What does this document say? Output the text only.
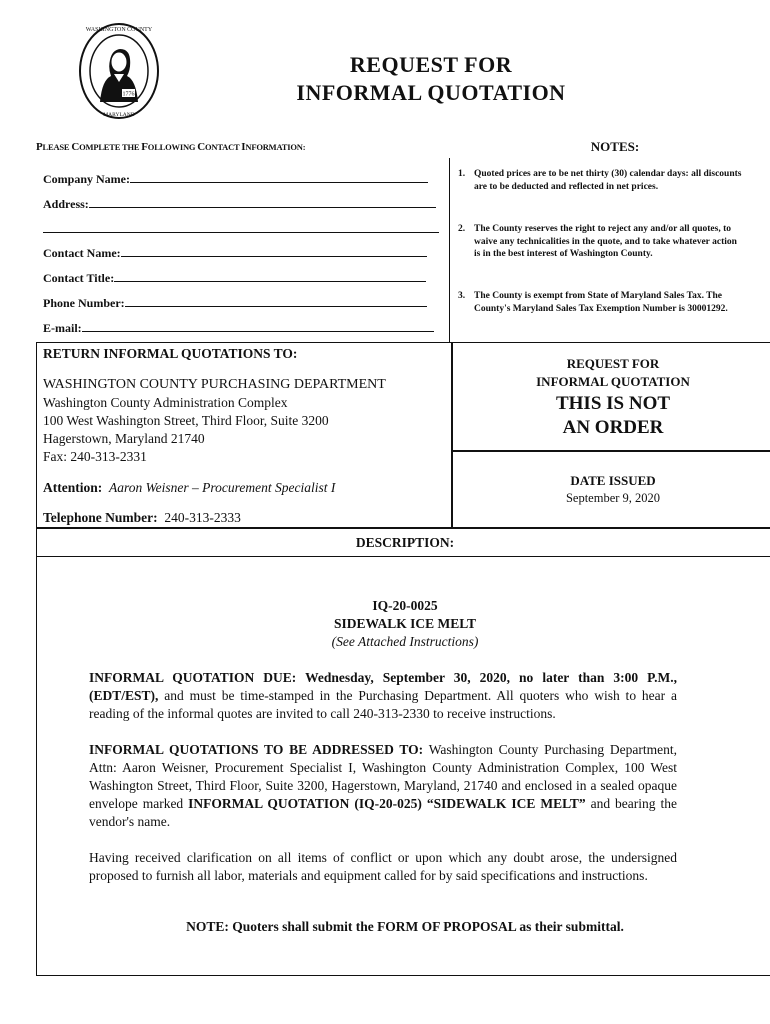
1776
WASHINGTON COUNTY
MARYLAND
REQUEST FOR
INFORMAL QUOTATION
PLEASE COMPLETE THE FOLLOWING CONTACT INFORMATION:	NOTES:
Company Name:
Address:
Contact Name:
Contact Title:
Phone Number:
E-mail:
1. Quoted prices are to be net thirty (30) calendar days: all discounts are to be deducted and reflected in net prices.
2. The County reserves the right to reject any and/or all quotes, to waive any technicalities in the quote, and to take whatever action is in the best interest of Washington County.
3. The County is exempt from State of Maryland Sales Tax. The County's Maryland Sales Tax Exemption Number is 30001292.
RETURN INFORMAL QUOTATIONS TO:
WASHINGTON COUNTY PURCHASING DEPARTMENT
Washington County Administration Complex
100 West Washington Street, Third Floor, Suite 3200
Hagerstown, Maryland 21740
Fax: 240-313-2331
Attention: Aaron Weisner – Procurement Specialist I
Telephone Number: 240-313-2333
REQUEST FOR
INFORMAL QUOTATION
THIS IS NOT
AN ORDER
DATE ISSUED
September 9, 2020
DESCRIPTION:
IQ-20-0025
SIDEWALK ICE MELT
(See Attached Instructions)
INFORMAL QUOTATION DUE: Wednesday, September 30, 2020, no later than 3:00 P.M., (EDT/EST), and must be time-stamped in the Purchasing Department. All quoters who wish to hear a reading of the informal quotes are invited to call 240-313-2330 to receive instructions.
INFORMAL QUOTATIONS TO BE ADDRESSED TO: Washington County Purchasing Department, Attn: Aaron Weisner, Procurement Specialist I, Washington County Administration Complex, 100 West Washington Street, Third Floor, Suite 3200, Hagerstown, Maryland, 21740 and enclosed in a sealed opaque envelope marked INFORMAL QUOTATION (IQ-20-025) “SIDEWALK ICE MELT” and bearing the vendor's name.
Having received clarification on all items of conflict or upon which any doubt arose, the undersigned proposed to furnish all labor, materials and equipment called for by said specifications and instructions.
NOTE: Quoters shall submit the FORM OF PROPOSAL as their submittal.
